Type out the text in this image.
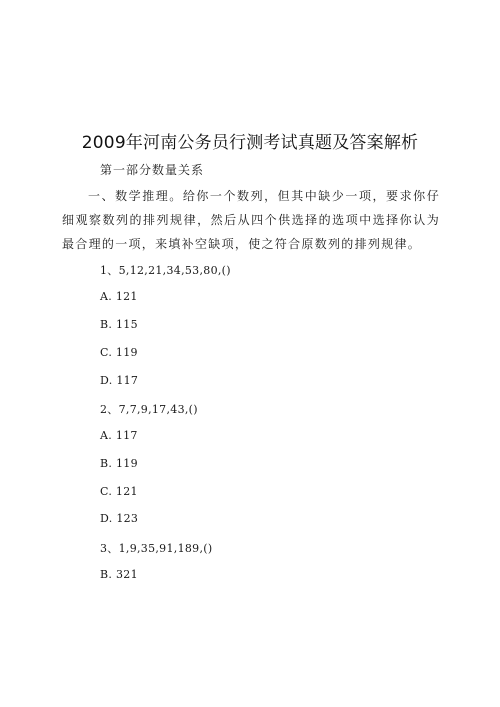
2009年河南公务员行测考试真题及答案解析
第一部分数量关系
一、数学推理。给你一个数列，但其中缺少一项，要求你仔细观察数列的排列规律，然后从四个供选择的选项中选择你认为最合理的一项，来填补空缺项，使之符合原数列的排列规律。
1、5,12,21,34,53,80,()
A. 121
B. 115
C. 119
D. 117
2、7,7,9,17,43,()
A. 117
B. 119
C. 121
D. 123
3、1,9,35,91,189,()
B. 321
